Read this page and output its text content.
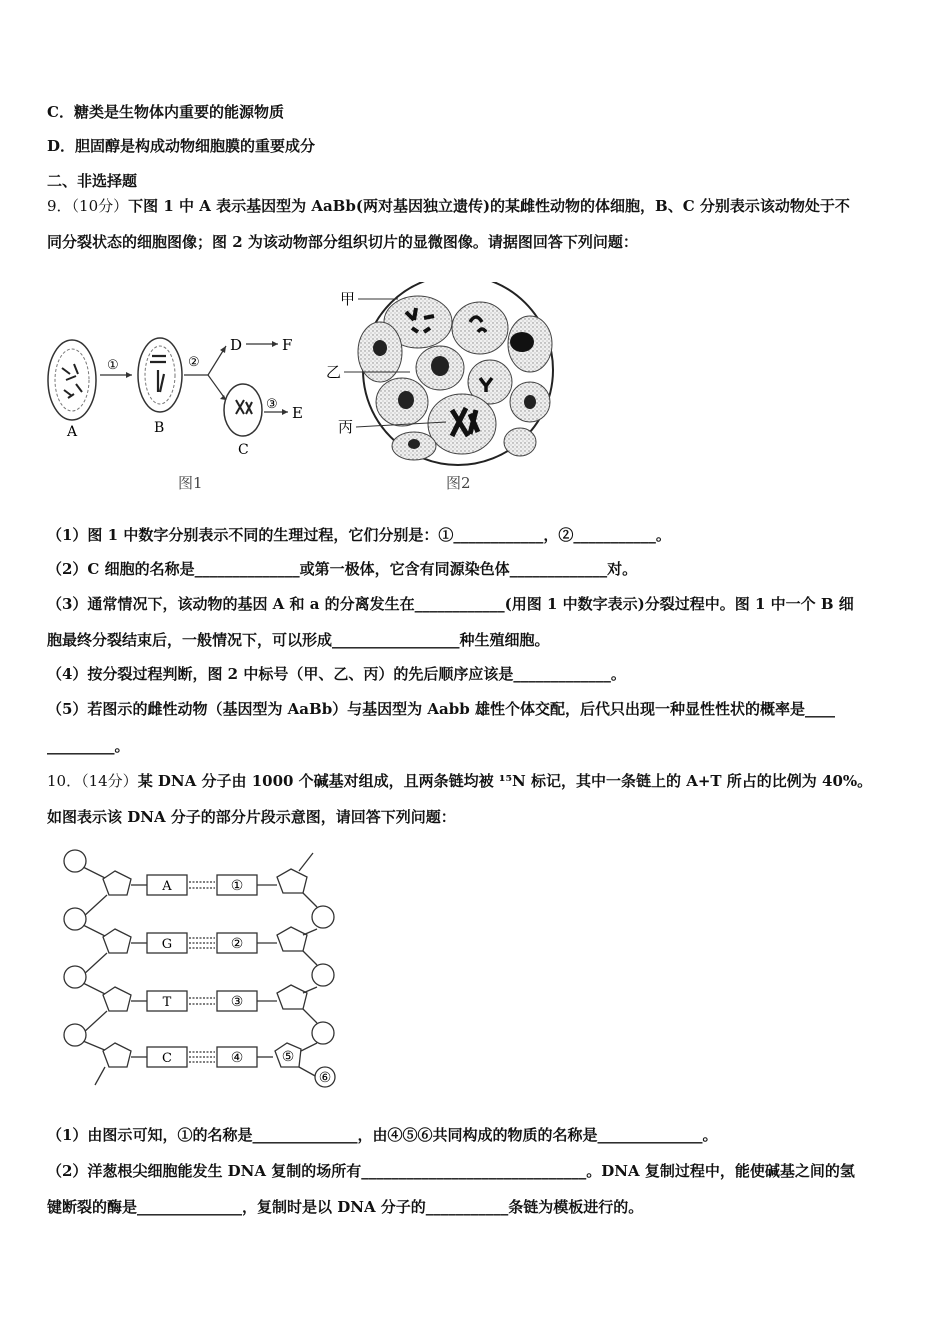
C．糖类是生物体内重要的能源物质
D．胆固醇是构成动物细胞膜的重要成分
二、非选择题
9．（10分）下图 1 中 A 表示基因型为 AaBb(两对基因独立遗传)的某雌性动物的体细胞，B、C 分别表示该动物处于不
同分裂状态的细胞图像；图 2 为该动物部分组织切片的显微图像。请据图回答下列问题：
A
①
B
②
D	F
C
③ E
图1
甲
乙
丙
图2
（1）图 1 中数字分别表示不同的生理过程，它们分别是：①____________，②___________。
（2）C 细胞的名称是______________或第一极体，它含有同源染色体_____________对。
（3）通常情况下，该动物的基因 A 和 a 的分离发生在____________(用图 1 中数字表示)分裂过程中。图 1 中一个 B 细
胞最终分裂结束后，一般情况下，可以形成_________________种生殖细胞。
（4）按分裂过程判断，图 2 中标号（甲、乙、丙）的先后顺序应该是_____________。
（5）若图示的雌性动物（基因型为 AaBb）与基因型为 Aabb 雄性个体交配，后代只出现一种显性性状的概率是____
_________。
10．（14分）某 DNA 分子由 1000 个碱基对组成，且两条链均被 ¹⁵N 标记，其中一条链上的 A+T 所占的比例为 40%。
如图表示该 DNA 分子的部分片段示意图，请回答下列问题：
A
G
T
C
①
②
③
④	⑤
⑥
（1）由图示可知，①的名称是______________，由④⑤⑥共同构成的物质的名称是______________。
（2）洋葱根尖细胞能发生 DNA 复制的场所有______________________________。DNA 复制过程中，能使碱基之间的氢
键断裂的酶是______________，复制时是以 DNA 分子的___________条链为模板进行的。
